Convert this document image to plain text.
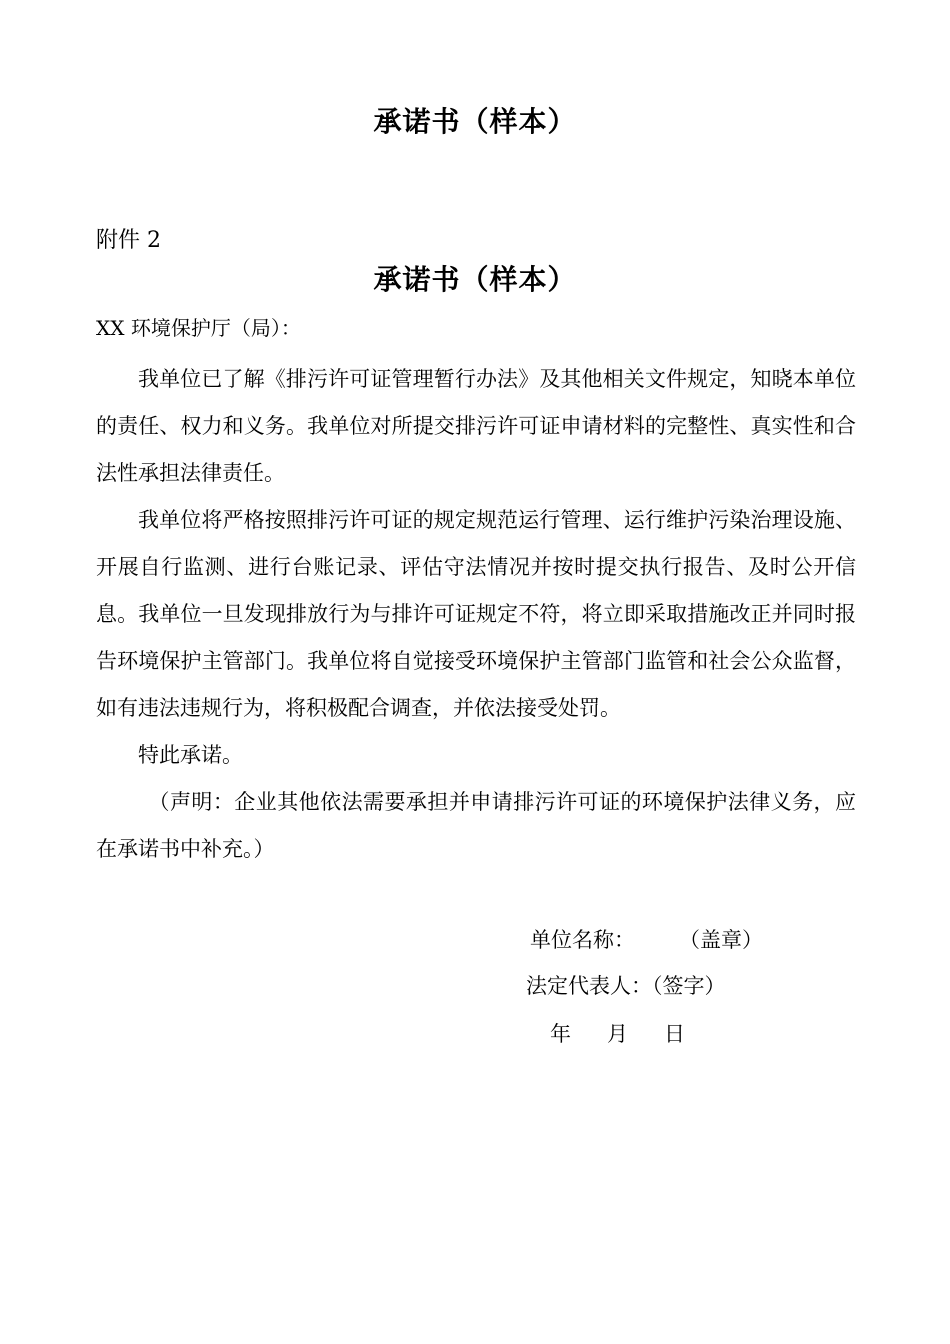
承诺书（样本）
附件 2
承诺书（样本）
XX 环境保护厅（局）：

我单位已了解《排污许可证管理暂行办法》及其他相关文件规定，知晓本单位的责任、权力和义务。我单位对所提交排污许可证申请材料的完整性、真实性和合法性承担法律责任。

我单位将严格按照排污许可证的规定规范运行管理、运行维护污染治理设施、开展自行监测、进行台账记录、评估守法情况并按时提交执行报告、及时公开信息。我单位一旦发现排放行为与排许可证规定不符，将立即采取措施改正并同时报告环境保护主管部门。我单位将自觉接受环境保护主管部门监管和社会公众监督，如有违法违规行为，将积极配合调查，并依法接受处罚。

特此承诺。

（声明：企业其他依法需要承担并申请排污许可证的环境保护法律义务，应在承诺书中补充。）

单位名称： （盖章）
法定代表人：（签字）
年 月 日
